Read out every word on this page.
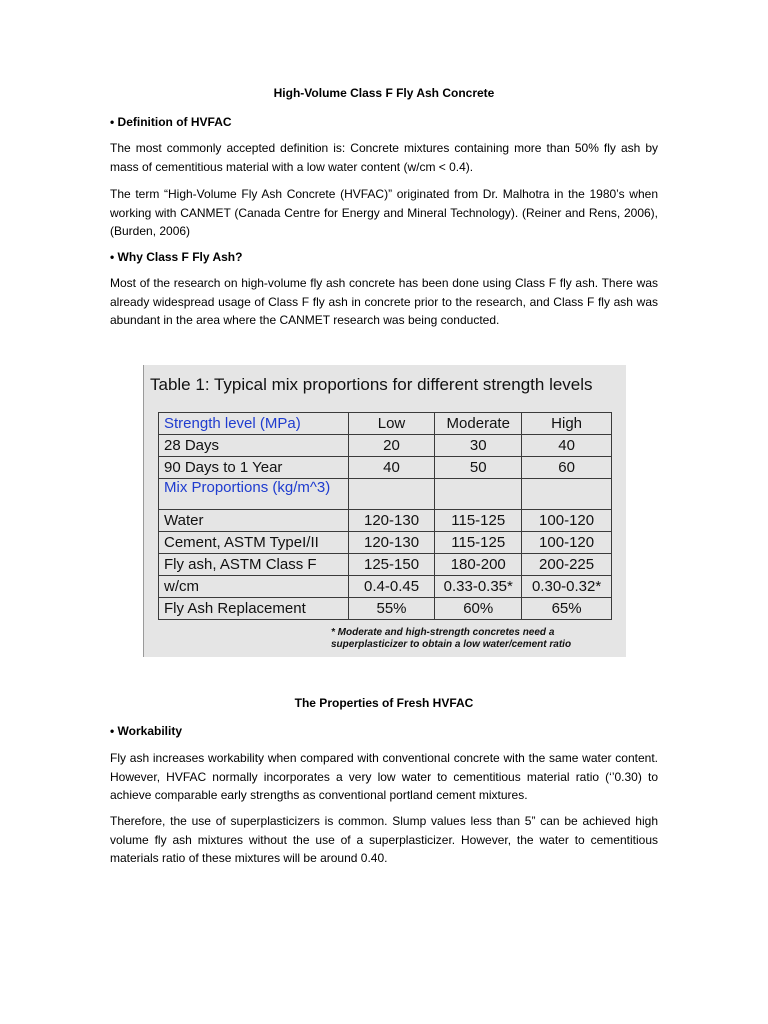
High-Volume Class F Fly Ash Concrete
• Definition of HVFAC
The most commonly accepted definition is: Concrete mixtures containing more than 50% fly ash by mass of cementitious material with a low water content (w/cm < 0.4).
The term “High-Volume Fly Ash Concrete (HVFAC)” originated from Dr. Malhotra in the 1980’s when working with CANMET (Canada Centre for Energy and Mineral Technology). (Reiner and Rens, 2006), (Burden, 2006)
• Why Class F Fly Ash?
Most of the research on high-volume fly ash concrete has been done using Class F fly ash. There was already widespread usage of Class F fly ash in concrete prior to the research, and Class F fly ash was abundant in the area where the CANMET research was being conducted.
Table 1: Typical mix proportions for different strength levels
Strength level (MPa)	Low	Moderate	High
28 Days	20	30	40
90 Days to 1 Year	40	50	60
Mix Proportions (kg/m^3)			
Water	120-130	115-125	100-120
Cement, ASTM TypeI/II	120-130	115-125	100-120
Fly ash, ASTM Class F	125-150	180-200	200-225
w/cm	0.4-0.45	0.33-0.35*	0.30-0.32*
Fly Ash Replacement	55%	60%	65%
* Moderate and high-strength concretes need a
superplasticizer to obtain a low water/cement ratio
The Properties of Fresh HVFAC
• Workability
Fly ash increases workability when compared with conventional concrete with the same water content. However, HVFAC normally incorporates a very low water to cementitious material ratio (‘’0.30) to achieve comparable early strengths as conventional portland cement mixtures.
Therefore, the use of superplasticizers is common. Slump values less than 5” can be achieved high volume fly ash mixtures without the use of a superplasticizer. However, the water to cementitious materials ratio of these mixtures will be around 0.40.
